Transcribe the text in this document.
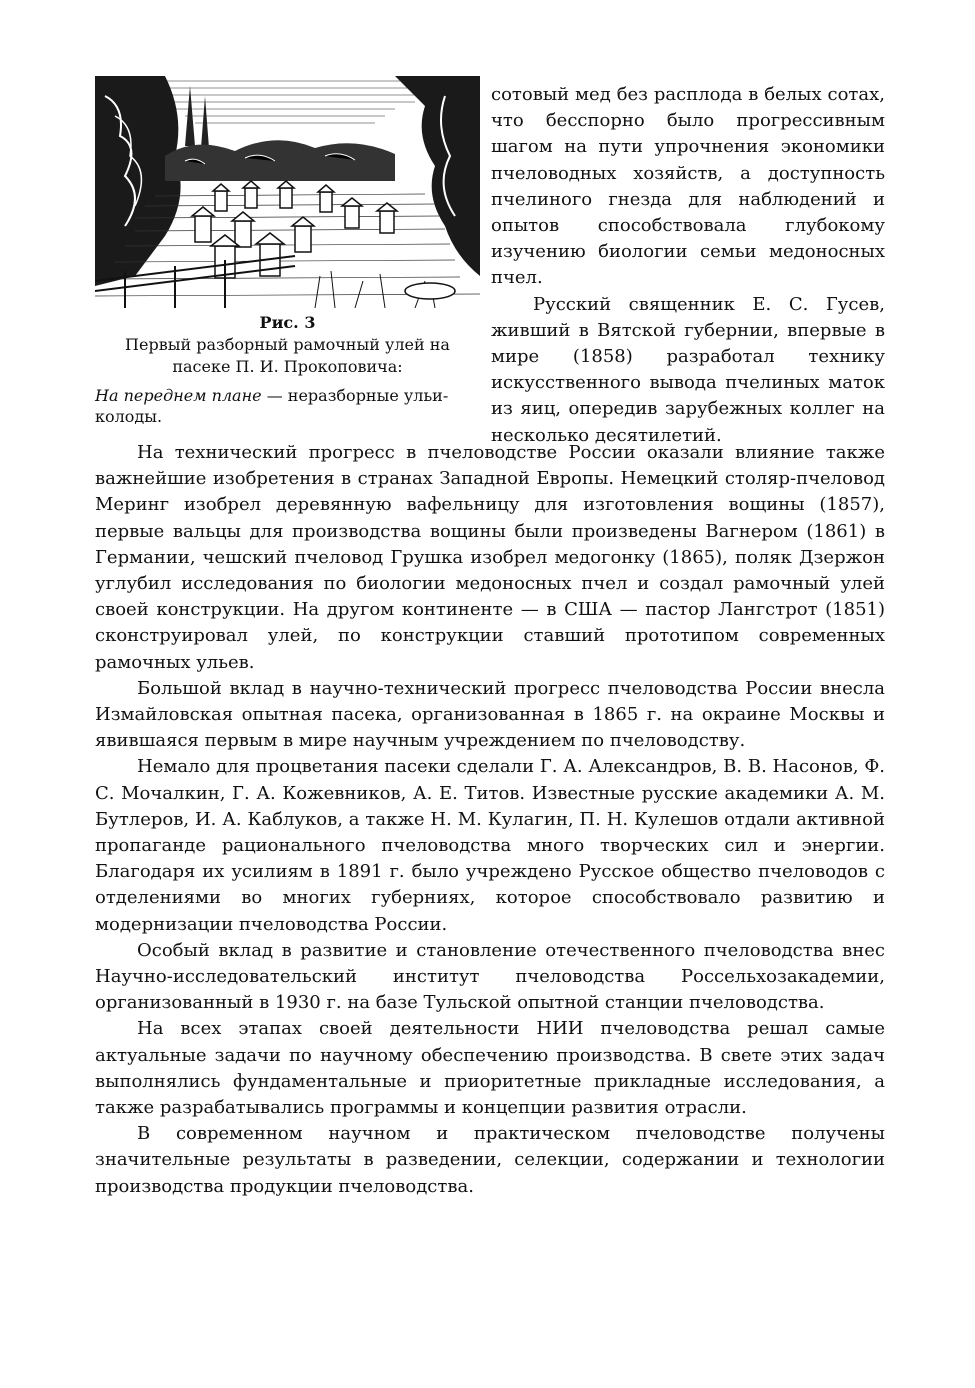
Рис. 3
Первый разборный рамочный улей на пасеке П. И. Прокоповича:
На переднем плане — неразборные ульи-колоды.

сотовый мед без расплода в белых сотах, что бесспорно было прогрессивным шагом на пути упрочнения экономики пчеловодных хозяйств, а доступность пчелиного гнезда для наблюдений и опытов способствовала глубокому изучению биологии семьи медоносных пчел.

Русский священник Е. С. Гусев, живший в Вятской губернии, впервые в мире (1858) разработал технику искусственного вывода пчелиных маток из яиц, опередив зарубежных коллег на несколько десятилетий.

На технический прогресс в пчеловодстве России оказали влияние также важнейшие изобретения в странах Западной Европы. Немецкий столяр-пчеловод Меринг изобрел деревянную вафельницу для изготовления вощины (1857), первые вальцы для производства вощины были произведены Вагнером (1861) в Германии, чешский пчеловод Грушка изобрел медогонку (1865), поляк Дзержон углубил исследования по биологии медоносных пчел и создал рамочный улей своей конструкции. На другом континенте — в США — пастор Лангстрот (1851) сконструировал улей, по конструкции ставший прототипом современных рамочных ульев.

Большой вклад в научно-технический прогресс пчеловодства России внесла Измайловская опытная пасека, организованная в 1865 г. на окраине Москвы и явившаяся первым в мире научным учреждением по пчеловодству.

Немало для процветания пасеки сделали Г. А. Александров, В. В. Насонов, Ф. С. Мочалкин, Г. А. Кожевников, А. Е. Титов. Известные русские академики А. М. Бутлеров, И. А. Каблуков, а также Н. М. Кулагин, П. Н. Кулешов отдали активной пропаганде рационального пчеловодства много творческих сил и энергии. Благодаря их усилиям в 1891 г. было учреждено Русское общество пчеловодов с отделениями во многих губерниях, которое способствовало развитию и модернизации пчеловодства России.

Особый вклад в развитие и становление отечественного пчеловодства внес Научно-исследовательский институт пчеловодства Россельхозакадемии, организованный в 1930 г. на базе Тульской опытной станции пчеловодства.

На всех этапах своей деятельности НИИ пчеловодства решал самые актуальные задачи по научному обеспечению производства. В свете этих задач выполнялись фундаментальные и приоритетные прикладные исследования, а также разрабатывались программы и концепции развития отрасли.

В современном научном и практическом пчеловодстве получены значительные результаты в разведении, селекции, содержании и технологии производства продукции пчеловодства.
